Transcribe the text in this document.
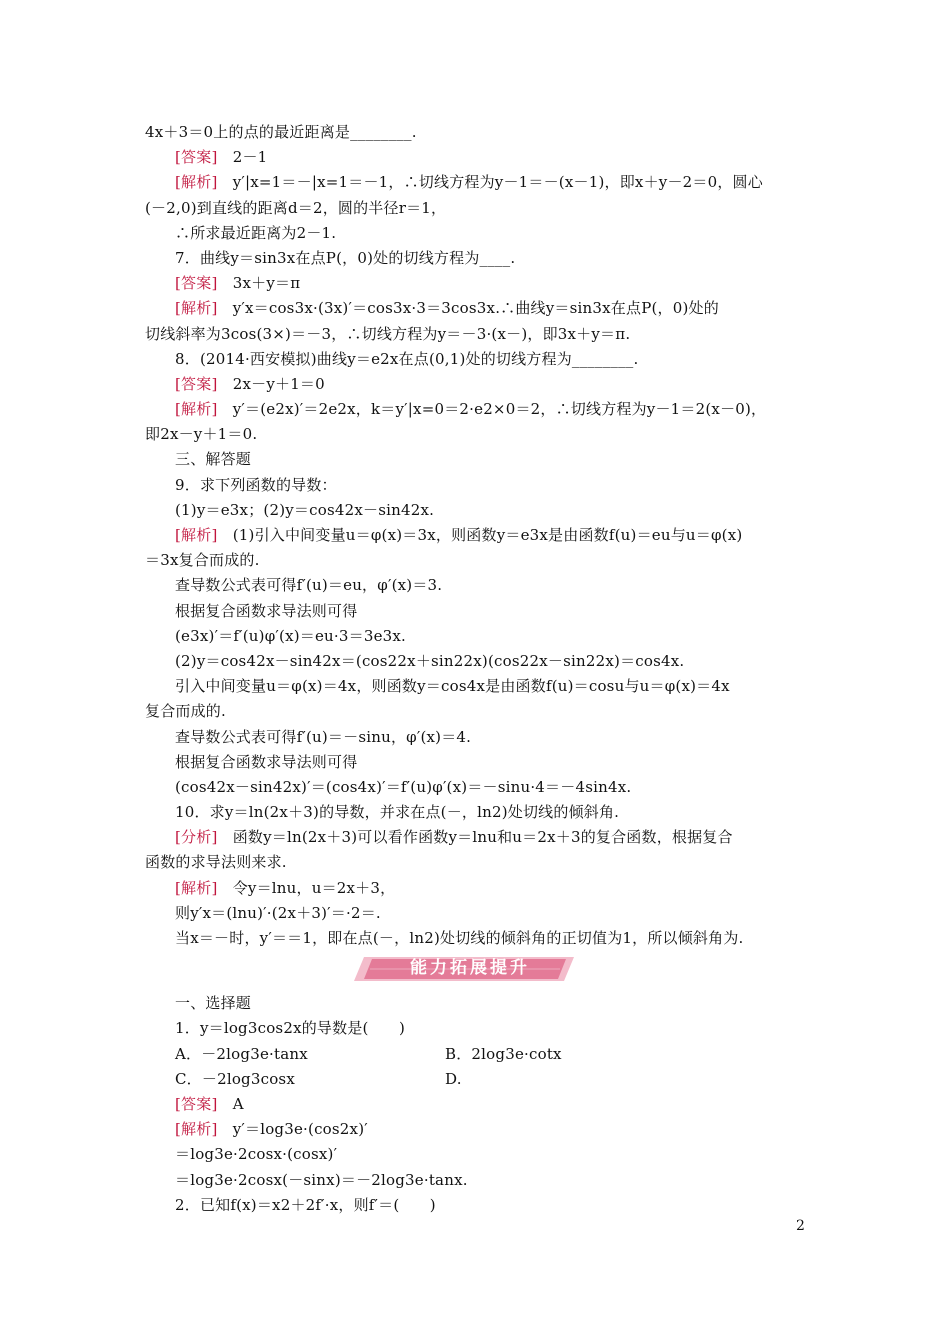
4x＋3＝0上的点的最近距离是________.
[答案]　2－1
[解析]　y′|x=1＝－|x=1＝－1，∴切线方程为y－1＝－(x－1)，即x＋y－2＝0，圆心
(－2,0)到直线的距离d＝2，圆的半径r＝1，
∴所求最近距离为2－1.
7．曲线y＝sin3x在点P(，0)处的切线方程为____.
[答案]　3x＋y＝π
[解析]　y′x＝cos3x·(3x)′＝cos3x·3＝3cos3x.∴曲线y＝sin3x在点P(，0)处的
切线斜率为3cos(3×)＝－3，∴切线方程为y＝－3·(x－)，即3x＋y＝π.
8．(2014·西安模拟)曲线y＝e2x在点(0,1)处的切线方程为________.
[答案]　2x－y＋1＝0
[解析]　y′＝(e2x)′＝2e2x，k＝y′|x=0＝2·e2×0＝2，∴切线方程为y－1＝2(x－0)，
即2x－y＋1＝0.
三、解答题
9．求下列函数的导数：
(1)y＝e3x；(2)y＝cos42x－sin42x.
[解析]　(1)引入中间变量u＝φ(x)＝3x，则函数y＝e3x是由函数f(u)＝eu与u＝φ(x)
＝3x复合而成的.
查导数公式表可得f′(u)＝eu，φ′(x)＝3.
根据复合函数求导法则可得
(e3x)′＝f′(u)φ′(x)＝eu·3＝3e3x.
(2)y＝cos42x－sin42x＝(cos22x＋sin22x)(cos22x－sin22x)＝cos4x.
引入中间变量u＝φ(x)＝4x，则函数y＝cos4x是由函数f(u)＝cosu与u＝φ(x)＝4x
复合而成的.
查导数公式表可得f′(u)＝－sinu，φ′(x)＝4.
根据复合函数求导法则可得
(cos42x－sin42x)′＝(cos4x)′＝f′(u)φ′(x)＝－sinu·4＝－4sin4x.
10．求y＝ln(2x＋3)的导数，并求在点(－，ln2)处切线的倾斜角.
[分析]　函数y＝ln(2x＋3)可以看作函数y＝lnu和u＝2x＋3的复合函数，根据复合
函数的求导法则来求.
[解析]　令y＝lnu，u＝2x＋3，
则y′x＝(lnu)′·(2x＋3)′＝·2＝.
当x＝－时，y′＝＝1，即在点(－，ln2)处切线的倾斜角的正切值为1，所以倾斜角为.
能力拓展提升
一、选择题
1．y＝log3cos2x的导数是(　　)
A．－2log3e·tanx	B．2log3e·cotx
C．－2log3cosx	D.
[答案]　A
[解析]　y′＝log3e·(cos2x)′
＝log3e·2cosx·(cosx)′
＝log3e·2cosx(－sinx)＝－2log3e·tanx.
2．已知f(x)＝x2＋2f′·x，则f′＝(　　)
2
